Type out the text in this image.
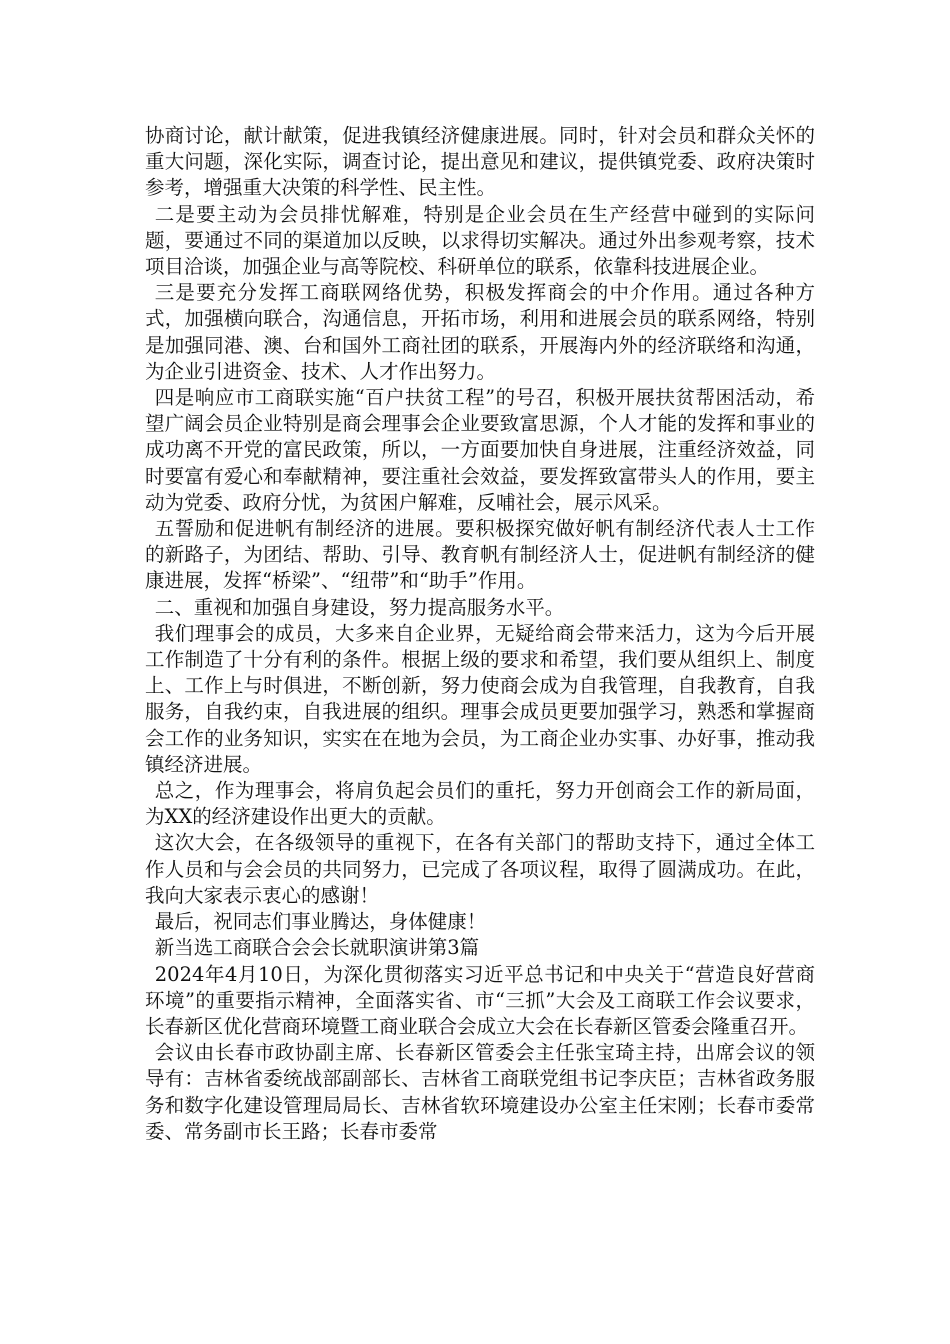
协商讨论，献计献策，促进我镇经济健康进展。同时，针对会员和群众关怀的重大问题，深化实际，调查讨论，提出意见和建议，提供镇党委、政府决策时参考，增强重大决策的科学性、民主性。

二是要主动为会员排忧解难，特别是企业会员在生产经营中碰到的实际问题，要通过不同的渠道加以反映，以求得切实解决。通过外出参观考察，技术项目洽谈，加强企业与高等院校、科研单位的联系，依靠科技进展企业。

三是要充分发挥工商联网络优势，积极发挥商会的中介作用。通过各种方式，加强横向联合，沟通信息，开拓市场，利用和进展会员的联系网络，特别是加强同港、澳、台和国外工商社团的联系，开展海内外的经济联络和沟通，为企业引进资金、技术、人才作出努力。

四是响应市工商联实施“百户扶贫工程”的号召，积极开展扶贫帮困活动，希望广阔会员企业特别是商会理事会企业要致富思源，个人才能的发挥和事业的成功离不开党的富民政策，所以，一方面要加快自身进展，注重经济效益，同时要富有爱心和奉献精神，要注重社会效益，要发挥致富带头人的作用，要主动为党委、政府分忧，为贫困户解难，反哺社会，展示风采。

五誓励和促进帆有制经济的进展。要积极探究做好帆有制经济代表人士工作的新路子，为团结、帮助、引导、教育帆有制经济人士，促进帆有制经济的健康进展，发挥“桥梁”、“纽带”和“助手”作用。

二、重视和加强自身建设，努力提高服务水平。

我们理事会的成员，大多来自企业界，无疑给商会带来活力，这为今后开展工作制造了十分有利的条件。根据上级的要求和希望，我们要从组织上、制度上、工作上与时俱进，不断创新，努力使商会成为自我管理，自我教育，自我服务，自我约束，自我进展的组织。理事会成员更要加强学习，熟悉和掌握商会工作的业务知识，实实在在地为会员，为工商企业办实事、办好事，推动我镇经济进展。

总之，作为理事会，将肩负起会员们的重托，努力开创商会工作的新局面，为XX的经济建设作出更大的贡献。

这次大会，在各级领导的重视下，在各有关部门的帮助支持下，通过全体工作人员和与会会员的共同努力，已完成了各项议程，取得了圆满成功。在此，我向大家表示衷心的感谢！

最后，祝同志们事业腾达，身体健康！

新当选工商联合会会长就职演讲第3篇

2024年4月10日，为深化贯彻落实习近平总书记和中央关于“营造良好营商环境”的重要指示精神，全面落实省、市“三抓”大会及工商联工作会议要求，长春新区优化营商环境暨工商业联合会成立大会在长春新区管委会隆重召开。

会议由长春市政协副主席、长春新区管委会主任张宝琦主持，出席会议的领导有：吉林省委统战部副部长、吉林省工商联党组书记李庆臣；吉林省政务服务和数字化建设管理局局长、吉林省软环境建设办公室主任宋刚；长春市委常委、常务副市长王路；长春市委常
